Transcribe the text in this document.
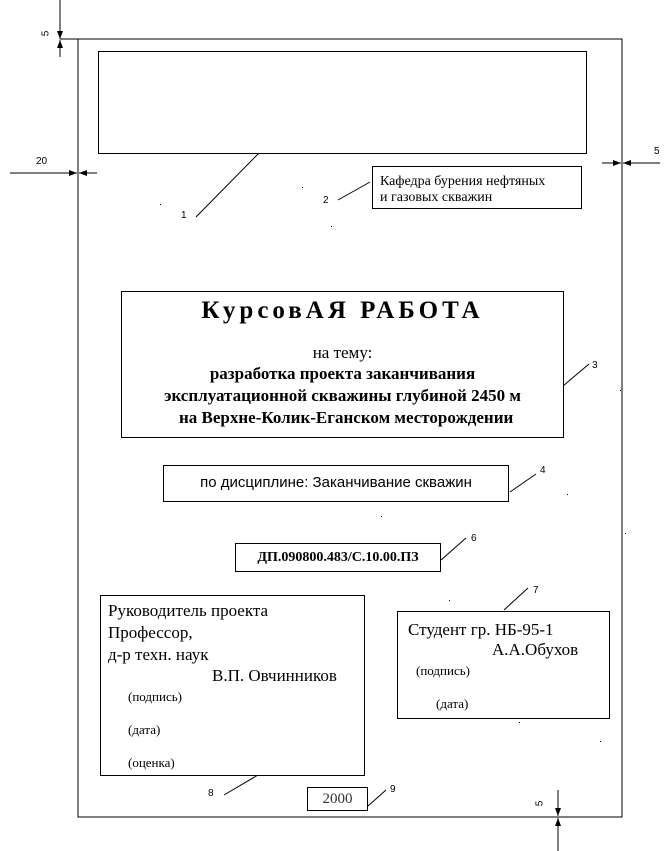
5
20
5
5
1
2
3
4
6
7
8	9
Кафедра бурения нефтяных
и газовых скважин
КурсовАЯ РАБОТА
на тему:
разработка проекта заканчивания
эксплуатационной скважины глубиной 2450 м
на Верхне-Колик-Еганском месторождении
по дисциплине: Заканчивание скважин
ДП.090800.483/С.10.00.ПЗ
Руководитель проекта
Профессор,
д-р техн. наук
В.П. Овчинников
(подпись)
(дата)
(оценка)
Студент гр. НБ-95-1
А.А.Обухов
(подпись)
(дата)
2000
